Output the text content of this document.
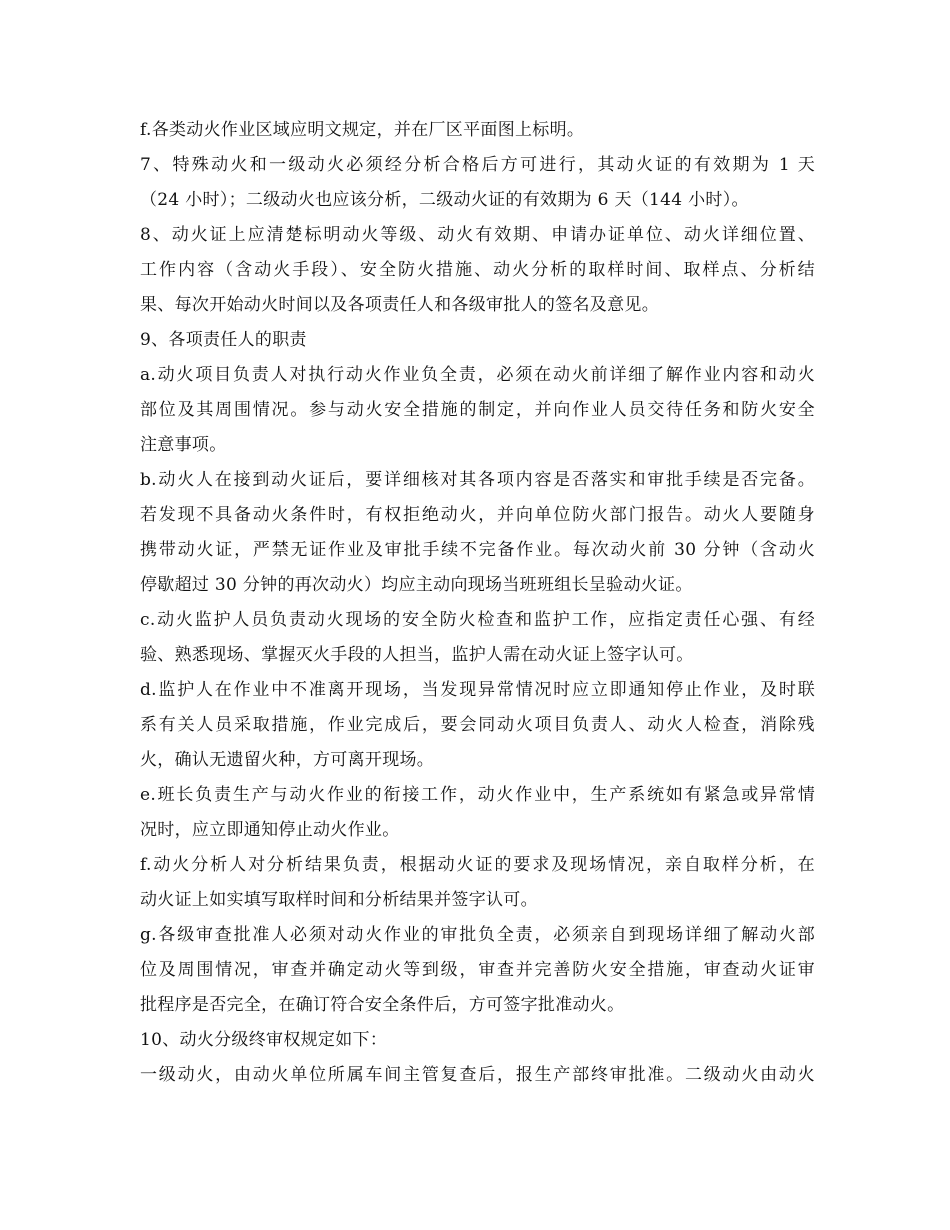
f.各类动火作业区域应明文规定，并在厂区平面图上标明。
7、特殊动火和一级动火必须经分析合格后方可进行，其动火证的有效期为 1 天
（24 小时）；二级动火也应该分析，二级动火证的有效期为 6 天（144 小时）。
8、动火证上应清楚标明动火等级、动火有效期、申请办证单位、动火详细位置、
工作内容（含动火手段）、安全防火措施、动火分析的取样时间、取样点、分析结
果、每次开始动火时间以及各项责任人和各级审批人的签名及意见。
9、各项责任人的职责
a.动火项目负责人对执行动火作业负全责，必须在动火前详细了解作业内容和动火
部位及其周围情况。参与动火安全措施的制定，并向作业人员交待任务和防火安全
注意事项。
b.动火人在接到动火证后，要详细核对其各项内容是否落实和审批手续是否完备。
若发现不具备动火条件时，有权拒绝动火，并向单位防火部门报告。动火人要随身
携带动火证，严禁无证作业及审批手续不完备作业。每次动火前 30 分钟（含动火
停歇超过 30 分钟的再次动火）均应主动向现场当班班组长呈验动火证。
c.动火监护人员负责动火现场的安全防火检查和监护工作，应指定责任心强、有经
验、熟悉现场、掌握灭火手段的人担当，监护人需在动火证上签字认可。
d.监护人在作业中不准离开现场，当发现异常情况时应立即通知停止作业，及时联
系有关人员采取措施，作业完成后，要会同动火项目负责人、动火人检查，消除残
火，确认无遗留火种，方可离开现场。
e.班长负责生产与动火作业的衔接工作，动火作业中，生产系统如有紧急或异常情
况时，应立即通知停止动火作业。
f.动火分析人对分析结果负责，根据动火证的要求及现场情况，亲自取样分析，在
动火证上如实填写取样时间和分析结果并签字认可。
g.各级审查批准人必须对动火作业的审批负全责，必须亲自到现场详细了解动火部
位及周围情况，审查并确定动火等到级，审查并完善防火安全措施，审查动火证审
批程序是否完全，在确订符合安全条件后，方可签字批准动火。
10、动火分级终审权规定如下：
一级动火，由动火单位所属车间主管复查后，报生产部终审批准。二级动火由动火
